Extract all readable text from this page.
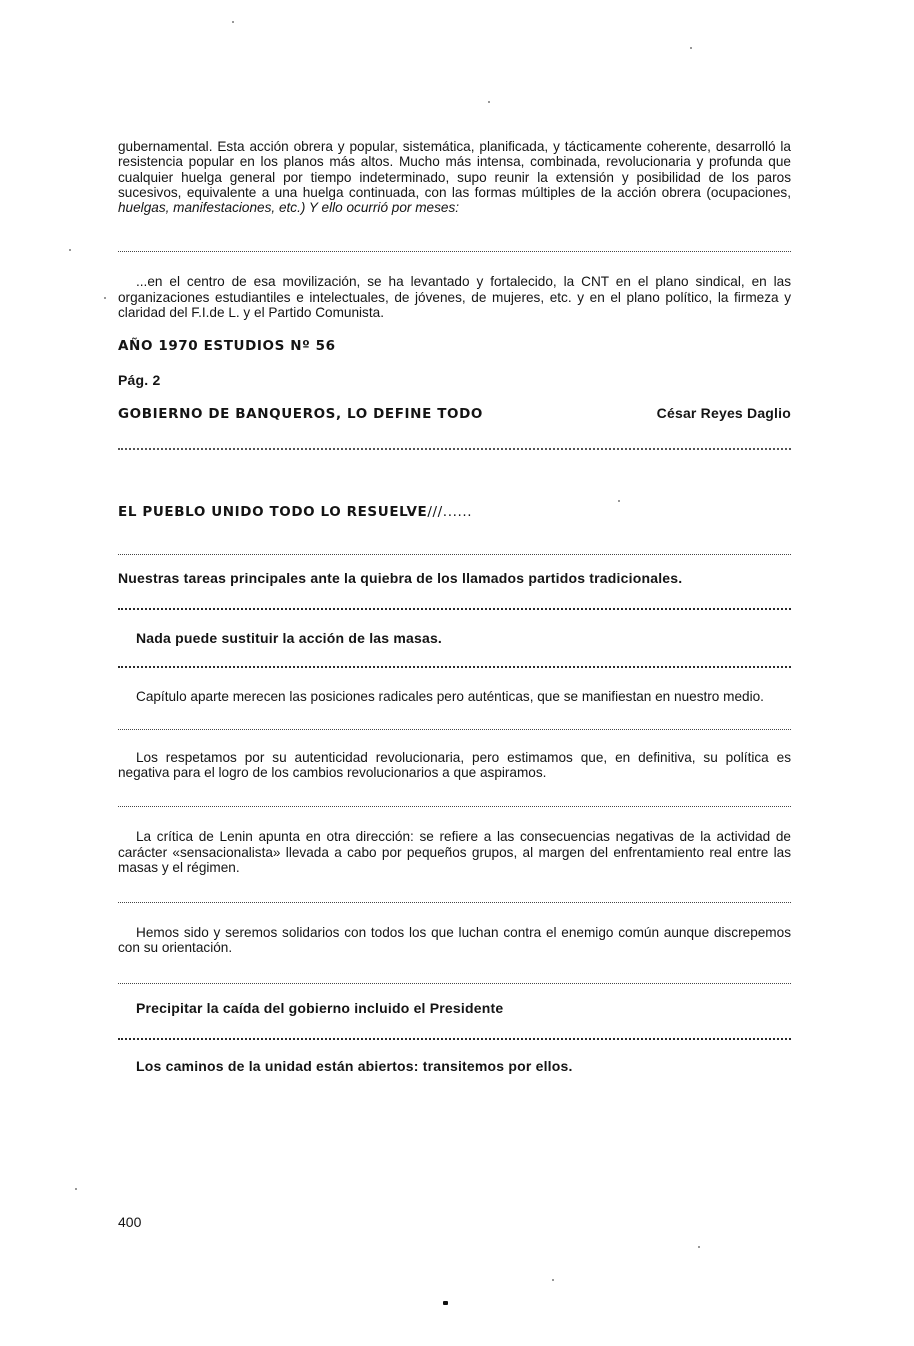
gubernamental. Esta acción obrera y popular, sistemática, planificada, y tácticamente coherente, desarrolló la resistencia popular en los planos más altos. Mucho más intensa, combinada, revolucionaria y profunda que cualquier huelga general por tiempo indeterminado, supo reunir la extensión y posibilidad de los paros sucesivos, equivalente a una huelga continuada, con las formas múltiples de la acción obrera (ocupaciones, huelgas, manifestaciones, etc.) Y ello ocurrió por meses:

...en el centro de esa movilización, se ha levantado y fortalecido, la CNT en el plano sindical, en las organizaciones estudiantiles e intelectuales, de jóvenes, de mujeres, etc. y en el plano político, la firmeza y claridad del F.I.de L. y el Partido Comunista.

AÑO 1970 ESTUDIOS Nº 56

Pág. 2

GOBIERNO DE BANQUEROS, LO DEFINE TODO	César Reyes Daglio

EL PUEBLO UNIDO TODO LO RESUELVE///......

Nuestras tareas principales ante la quiebra de los llamados partidos tradicionales.

Nada puede sustituir la acción de las masas.

Capítulo aparte merecen las posiciones radicales pero auténticas, que se manifiestan en nuestro medio.

Los respetamos por su autenticidad revolucionaria, pero estimamos que, en definitiva, su política es negativa para el logro de los cambios revolucionarios a que aspiramos.

La crítica de Lenin apunta en otra dirección: se refiere a las consecuencias negativas de la actividad de carácter «sensacionalista» llevada a cabo por pequeños grupos, al margen del enfrentamiento real entre las masas y el régimen.

Hemos sido y seremos solidarios con todos los que luchan contra el enemigo común aunque discrepemos con su orientación.

Precipitar la caída del gobierno incluido el Presidente

Los caminos de la unidad están abiertos: transitemos por ellos.

400
